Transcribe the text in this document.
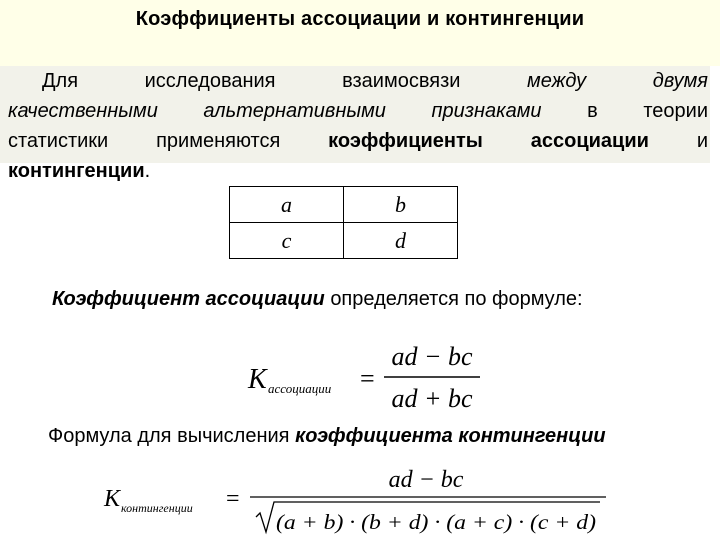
Коэффициенты ассоциации и контингенции
Для	исследования	взаимосвязи	между	двумя
качественными альтернативными признаками в теории
статистики применяются коэффициенты ассоциации и
контингенции.
a	b
c	d
Коэффициент ассоциации определяется по формуле:
K ассоциации =
ad − bc
ad + bc
Формула для вычисления коэффициента контингенции
K контингенции =
ad − bc
(a + b) · (b + d) · (a + c) · (c + d)
